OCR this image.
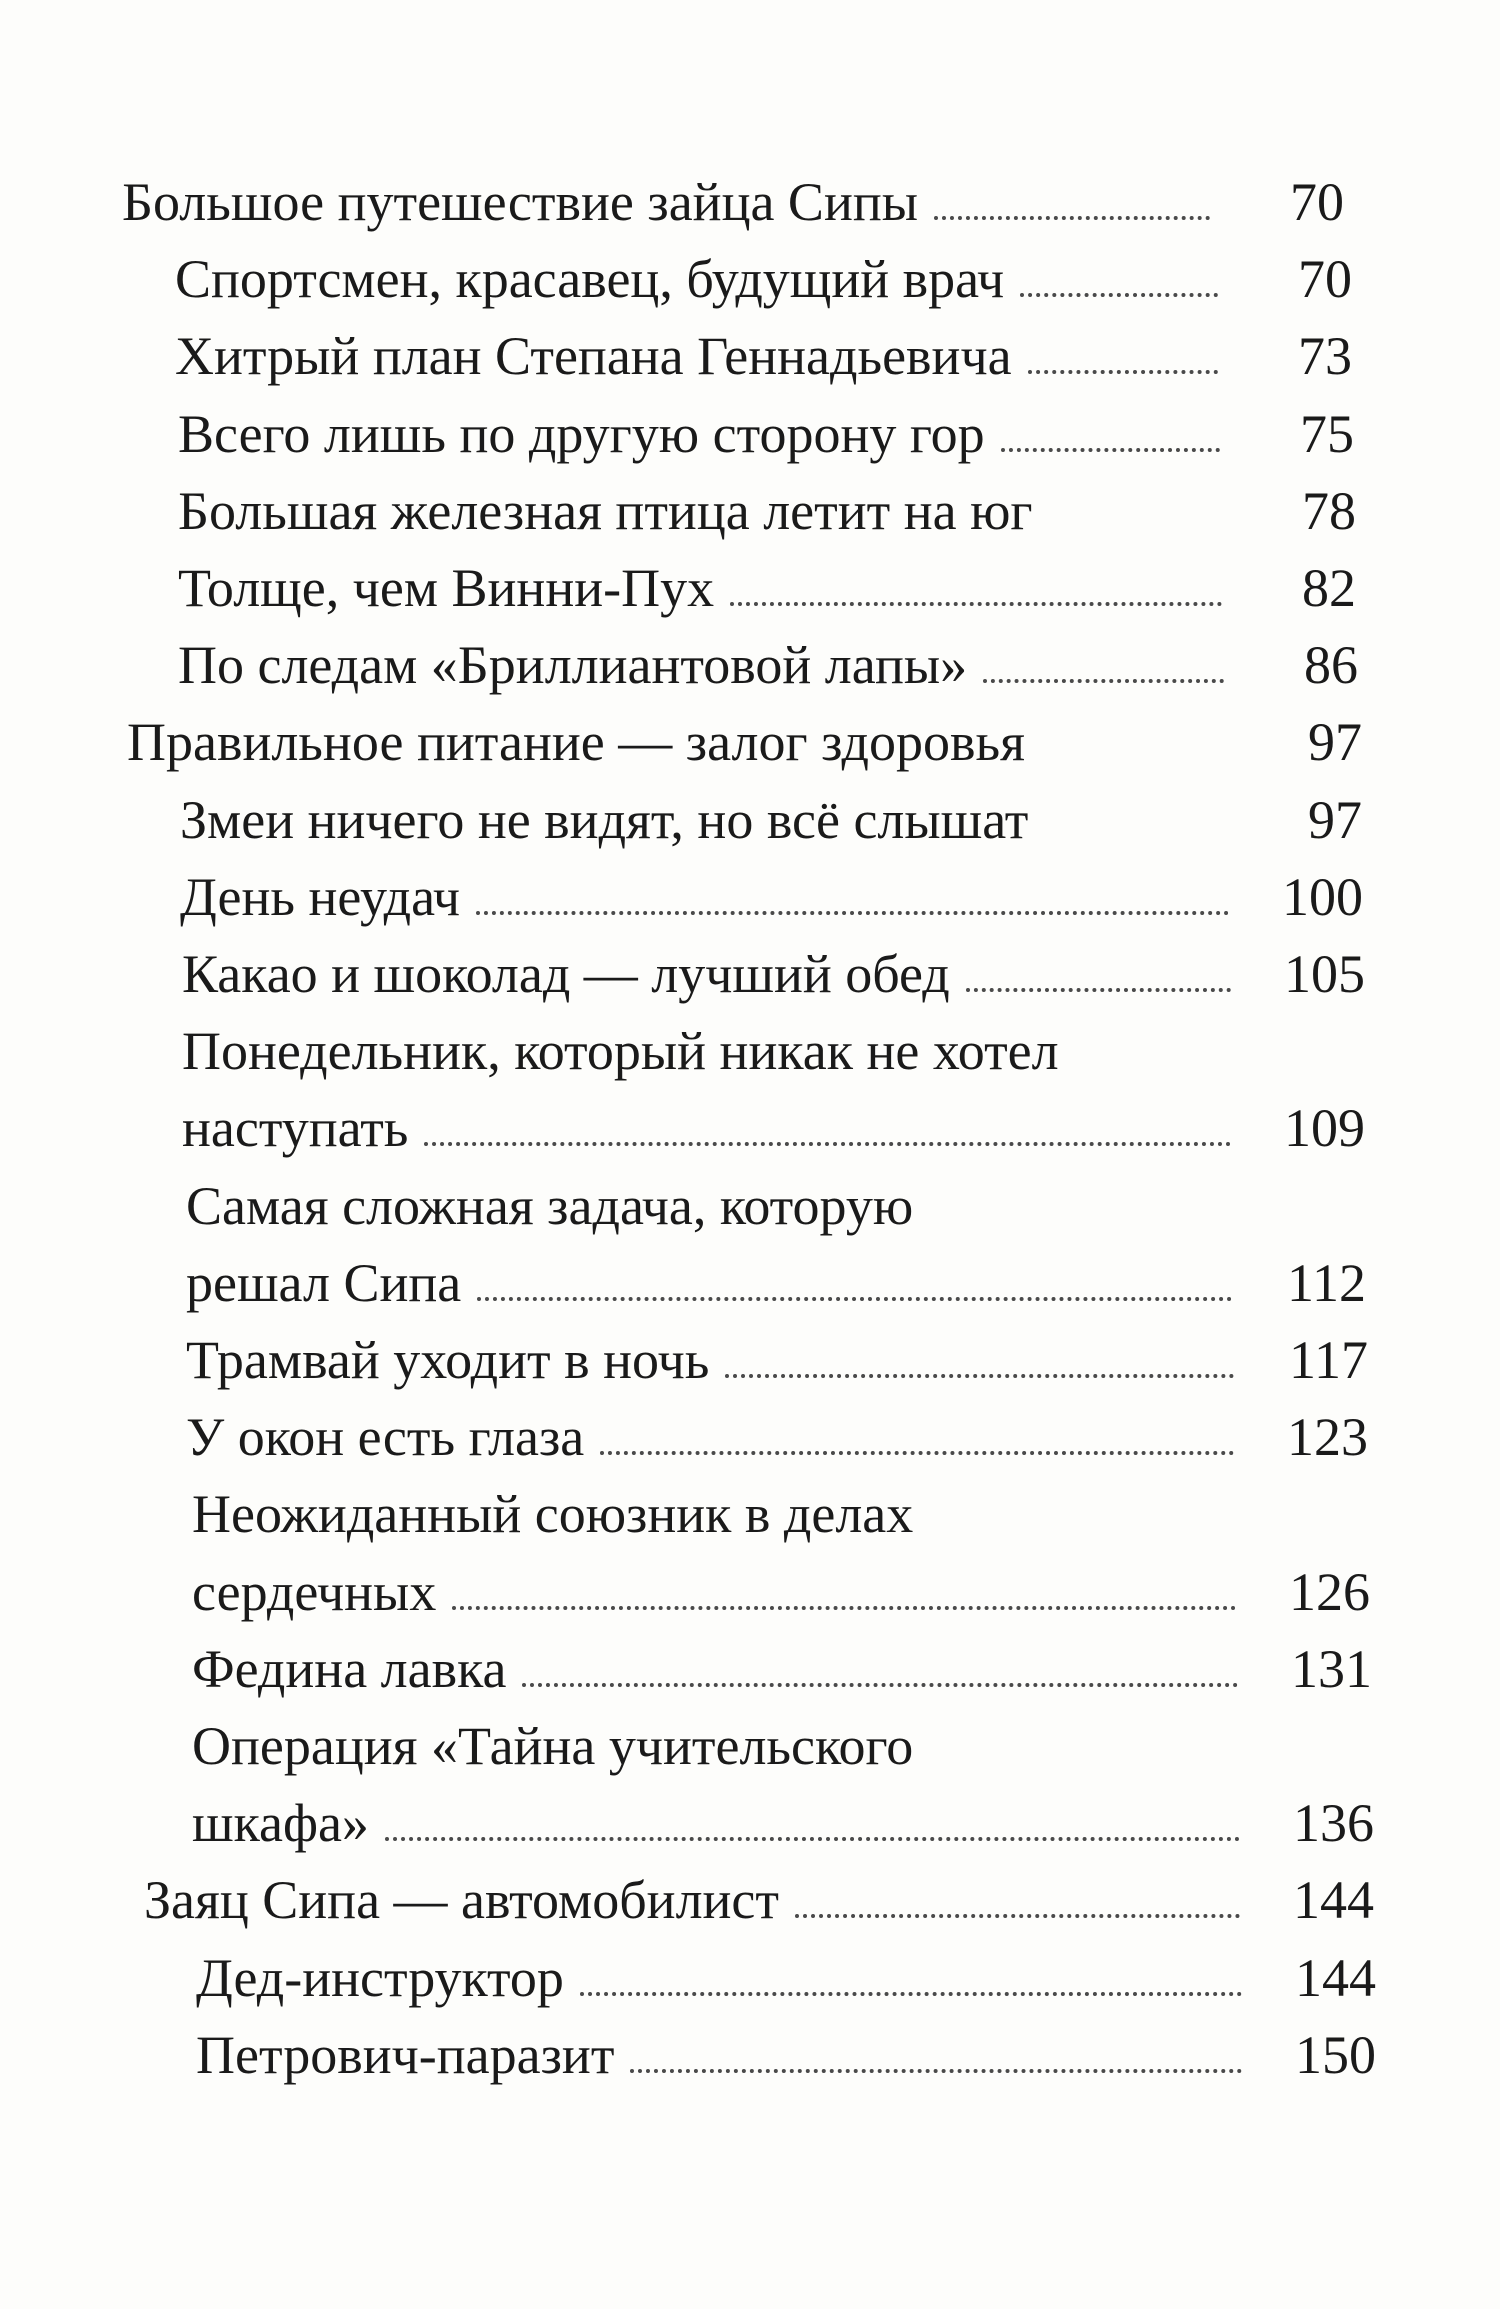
Большое путешествие зайца Сипы	70
Спортсмен, красавец, будущий врач	70
Хитрый план Степана Геннадьевича	73
Всего лишь по другую сторону гор	75
Большая железная птица летит на юг	78
Толще, чем Винни-Пух	82
По следам «Бриллиантовой лапы»	86
Правильное питание — залог здоровья	97
Змеи ничего не видят, но всё слышат	97
День неудач	100
Какао и шоколад — лучший обед	105
Понедельник, который никак не хотел
наступать	109
Самая сложная задача, которую
решал Сипа	112
Трамвай уходит в ночь	117
У окон есть глаза	123
Неожиданный союзник в делах
сердечных	126
Федина лавка	131
Операция «Тайна учительского
шкафа»	136
Заяц Сипа — автомобилист	144
Дед-инструктор	144
Петрович-паразит	150
